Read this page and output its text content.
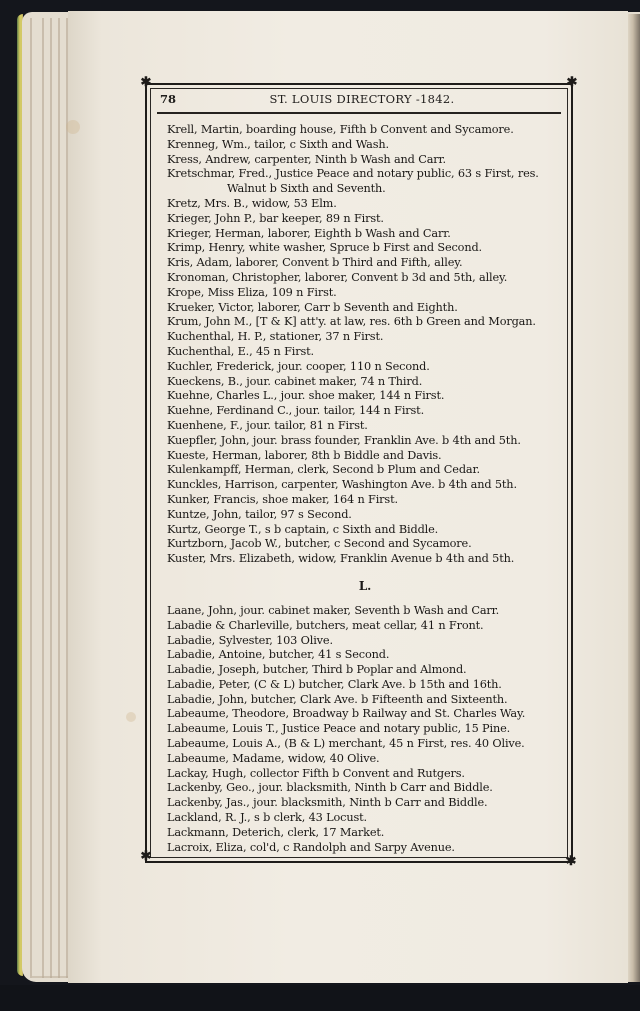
✱	✱
✱	✱
78	ST. LOUIS DIRECTORY -1842.
Krell, Martin, boarding house, Fifth b Convent and Sycamore.
Krenneg, Wm., tailor, c Sixth and Wash.
Kress, Andrew, carpenter, Ninth b Wash and Carr.
Kretschmar, Fred., Justice Peace and notary public, 63 s First, res.
Walnut b Sixth and Seventh.
Kretz, Mrs. B., widow, 53 Elm.
Krieger, John P., bar keeper, 89 n First.
Krieger, Herman, laborer, Eighth b Wash and Carr.
Krimp, Henry, white washer, Spruce b First and Second.
Kris, Adam, laborer, Convent b Third and Fifth, alley.
Kronoman, Christopher, laborer, Convent b 3d and 5th, alley.
Krope, Miss Eliza, 109 n First.
Krueker, Victor, laborer, Carr b Seventh and Eighth.
Krum, John M., [T & K] att'y. at law, res. 6th b Green and Morgan.
Kuchenthal, H. P., stationer, 37 n First.
Kuchenthal, E., 45 n First.
Kuchler, Frederick, jour. cooper, 110 n Second.
Kueckens, B., jour. cabinet maker, 74 n Third.
Kuehne, Charles L., jour. shoe maker, 144 n First.
Kuehne, Ferdinand C., jour. tailor, 144 n First.
Kuenhene, F., jour. tailor, 81 n First.
Kuepfler, John, jour. brass founder, Franklin Ave. b 4th and 5th.
Kueste, Herman, laborer, 8th b Biddle and Davis.
Kulenkampff, Herman, clerk, Second b Plum and Cedar.
Kunckles, Harrison, carpenter, Washington Ave. b 4th and 5th.
Kunker, Francis, shoe maker, 164 n First.
Kuntze, John, tailor, 97 s Second.
Kurtz, George T., s b captain, c Sixth and Biddle.
Kurtzborn, Jacob W., butcher, c Second and Sycamore.
Kuster, Mrs. Elizabeth, widow, Franklin Avenue b 4th and 5th.
L.
Laane, John, jour. cabinet maker, Seventh b Wash and Carr.
Labadie & Charleville, butchers, meat cellar, 41 n Front.
Labadie, Sylvester, 103 Olive.
Labadie, Antoine, butcher, 41 s Second.
Labadie, Joseph, butcher, Third b Poplar and Almond.
Labadie, Peter, (C & L) butcher, Clark Ave. b 15th and 16th.
Labadie, John, butcher, Clark Ave. b Fifteenth and Sixteenth.
Labeaume, Theodore, Broadway b Railway and St. Charles Way.
Labeaume, Louis T., Justice Peace and notary public, 15 Pine.
Labeaume, Louis A., (B & L) merchant, 45 n First, res. 40 Olive.
Labeaume, Madame, widow, 40 Olive.
Lackay, Hugh, collector Fifth b Convent and Rutgers.
Lackenby, Geo., jour. blacksmith, Ninth b Carr and Biddle.
Lackenby, Jas., jour. blacksmith, Ninth b Carr and Biddle.
Lackland, R. J., s b clerk, 43 Locust.
Lackmann, Deterich, clerk, 17 Market.
Lacroix, Eliza, col'd, c Randolph and Sarpy Avenue.
